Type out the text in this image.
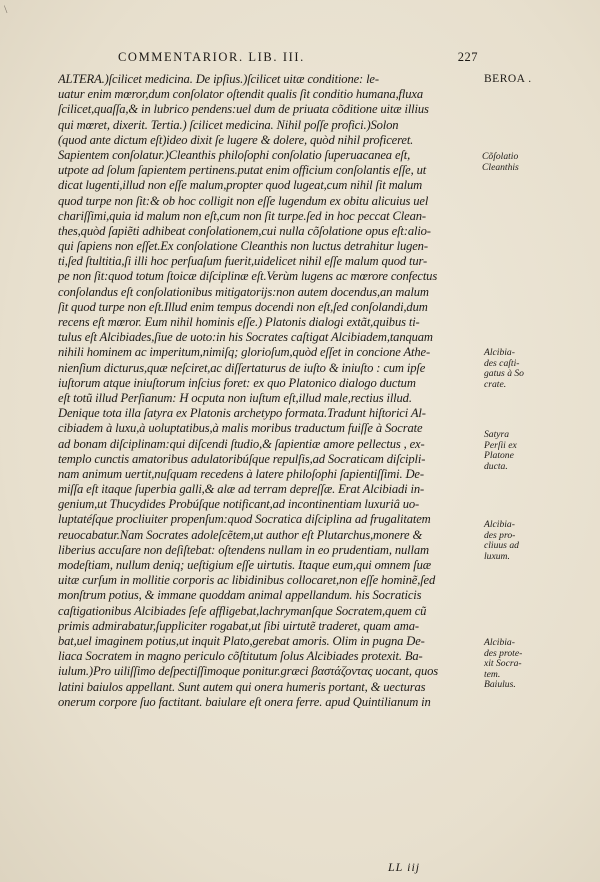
\
COMMENTARIOR. LIB. III.	227
ALTERA.)ſcilicet medicina. De ipſius.)ſcilicet uitæ conditione: le-
uatur enim mœror,dum conſolator oſtendit qualis ſit conditio humana,fluxa
ſcilicet,quaſſa,& in lubrico pendens:uel dum de priuata cõditione uitæ illius
qui mœret, dixerit. Tertia.) ſcilicet medicina. Nihil poſſe profici.)Solon
(quod ante dictum eſt)ideo dixit ſe lugere & dolere, quòd nihil proficeret.
Sapientem conſolatur.)Cleanthis philoſophi conſolatio ſuperuacanea eſt,
utpote ad ſolum ſapientem pertinens.putat enim officium conſolantis eſſe, ut
dicat lugenti,illud non eſſe malum,propter quod lugeat,cum nihil ſit malum
quod turpe non ſit:& ob hoc colligit non eſſe lugendum ex obitu alicuius uel
chariſſimi,quia id malum non eſt,cum non ſit turpe.ſed in hoc peccat Clean-
thes,quòd ſapiẽti adhibeat conſolationem,cui nulla cõſolatione opus eſt:alio-
qui ſapiens non eſſet.Ex conſolatione Cleanthis non luctus detrahitur lugen-
ti,ſed ſtultitia,ſi illi hoc perſuaſum fuerit,uidelicet nihil eſſe malum quod tur-
pe non ſit:quod totum ſtoicæ diſciplinæ eſt.Verùm lugens ac mœrore confectus
conſolandus eſt conſolationibus mitigatorijs:non autem docendus,an malum
ſit quod turpe non eſt.Illud enim tempus docendi non eſt,ſed conſolandi,dum
recens eſt mœror. Eum nihil hominis eſſe.) Platonis dialogi extãt,quibus ti-
tulus eſt Alcibiades,ſiue de uoto:in his Socrates caſtigat Alcibiadem,tanquam
nihili hominem ac imperitum,nimiſq; glorioſum,quòd eſſet in concione Athe-
nienſium dicturus,quæ neſciret,ac diſſertaturus de iuſto & iniuſto : cum ipſe
iuſtorum atque iniuſtorum inſcius foret: ex quo Platonico dialogo ductum
eſt totũ illud Perſianum: H ocputa non iuſtum eſt,illud male,rectius illud.
Denique tota illa ſatyra ex Platonis archetypo formata.Tradunt hiſtorici Al-
cibiadem à luxu,à uoluptatibus,à malis moribus traductum fuiſſe à Socrate
ad bonam diſciplinam:qui diſcendi ſtudio,& ſapientiæ amore pellectus , ex-
templo cunctis amatoribus adulatoribúſque repulſis,ad Socraticam diſcipli-
nam animum uertit,nuſquam recedens à latere philoſophi ſapientiſſimi. De-
miſſa eſt itaque ſuperbia galli,& alæ ad terram depreſſæ. Erat Alcibiadi in-
genium,ut Thucydides Probúſque notificant,ad incontinentiam luxuriâ uo-
luptatéſque procliuiter propenſum:quod Socratica diſciplina ad frugalitatem
reuocabatur.Nam Socrates adoleſcẽtem,ut author eſt Plutarchus,monere &
liberius accuſare non deſiſtebat: oſtendens nullam in eo prudentiam, nullam
modeſtiam, nullum deniq; ueſtigium eſſe uirtutis. Itaque eum,qui omnem ſuæ
uitæ curſum in mollitie corporis ac libidinibus collocaret,non eſſe hominẽ,ſed
monſtrum potius, & immane quoddam animal appellandum. his Socraticis
caſtigationibus Alcibiades ſeſe affligebat,lachrymanſque Socratem,quem cũ
primis admirabatur,ſuppliciter rogabat,ut ſibi uirtutẽ traderet, quam ama-
bat,uel imaginem potius,ut inquit Plato,gerebat amoris. Olim in pugna De-
liaca Socratem in magno periculo cõſtitutum ſolus Alcibiades protexit. Ba-
iulum.)Pro uiliſſimo deſpectiſſimoque ponitur.græci βαστάζοντας uocant, quos
latini baiulos appellant. Sunt autem qui onera humeris portant, & uecturas
onerum corpore ſuo factitant. baiulare eſt onera ferre. apud Quintilianum in
BEROA .
Cõſolatio
Cleanthis
Alcibia-
des caſti-
gatus à So
crate.
Satyra
Perſii ex
Platone
ducta.
Alcibia-
des pro-
cliuus ad
luxum.
Alcibia-
des prote-
xit Socra-
tem.
Baiulus.
LL iij
